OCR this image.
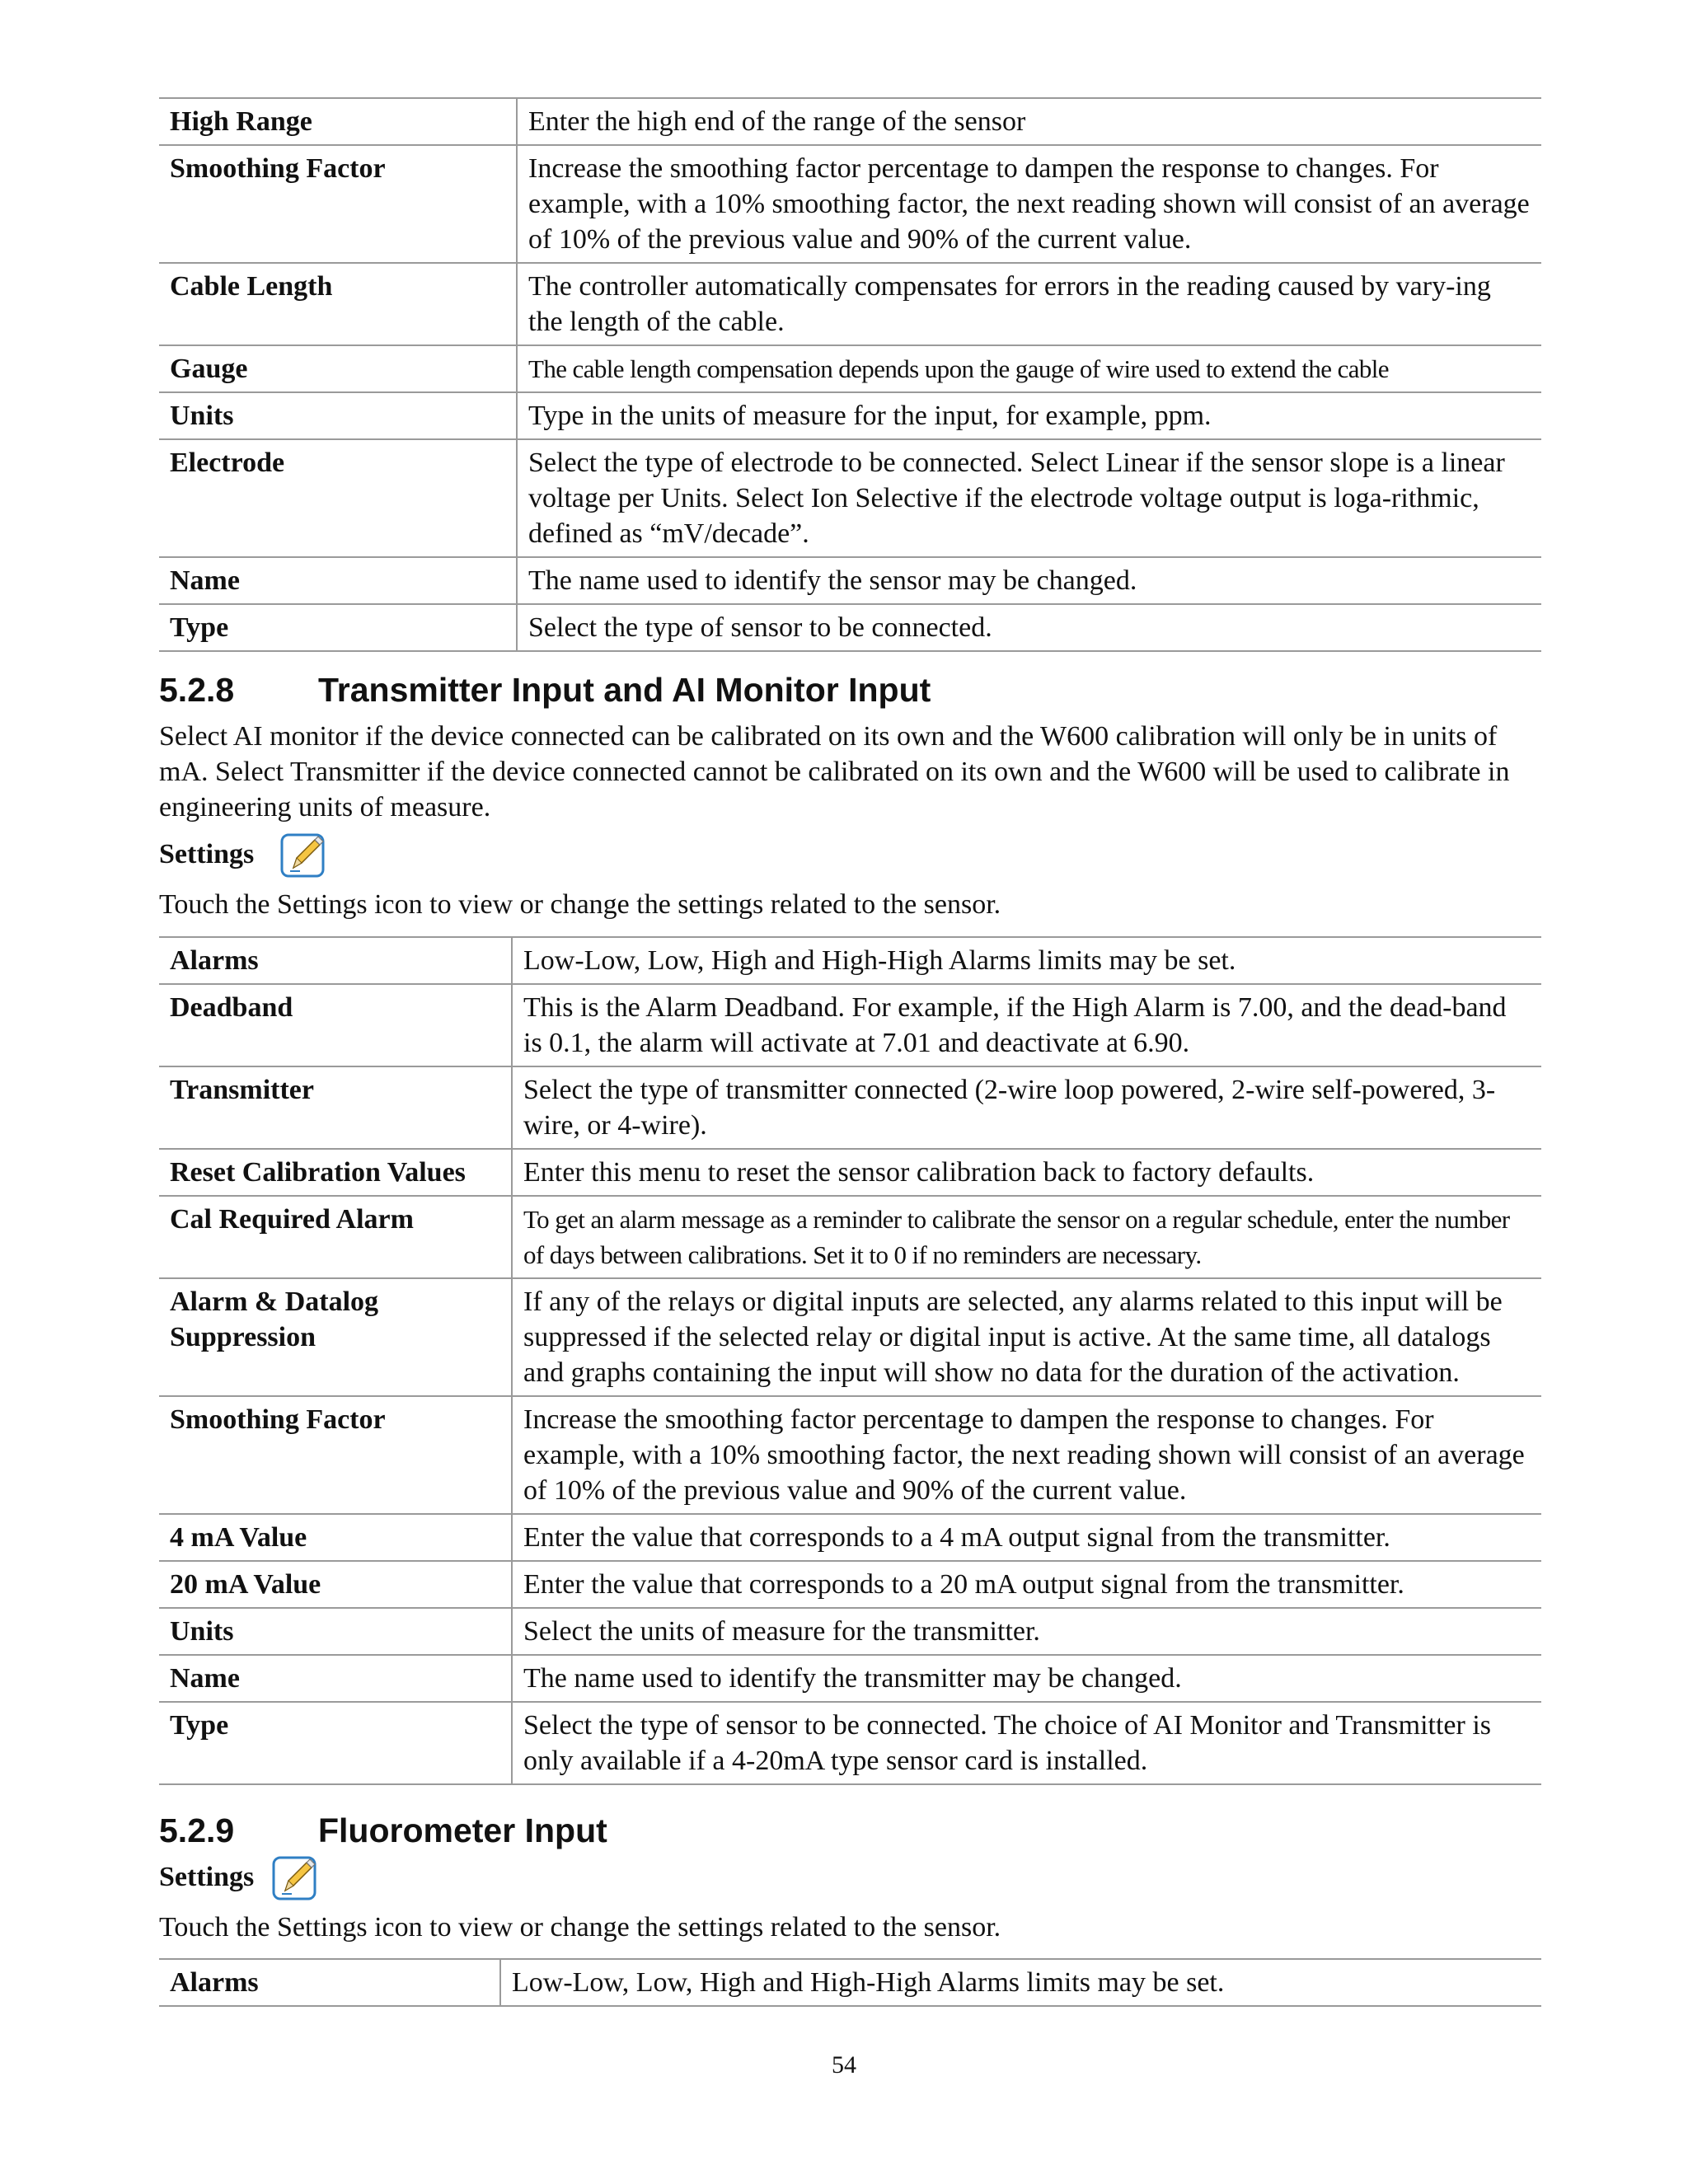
High Range	Enter the high end of the range of the sensor
Smoothing Factor	Increase the smoothing factor percentage to dampen the response to changes. For example, with a 10% smoothing factor, the next reading shown will consist of an average of 10% of the previous value and 90% of the current value.
Cable Length	The controller automatically compensates for errors in the reading caused by vary-ing the length of the cable.
Gauge	The cable length compensation depends upon the gauge of wire used to extend the cable
Units	Type in the units of measure for the input, for example, ppm.
Electrode	Select the type of electrode to be connected. Select Linear if the sensor slope is a linear voltage per Units. Select Ion Selective if the electrode voltage output is loga-rithmic, defined as “mV/decade”.
Name	The name used to identify the sensor may be changed.
Type	Select the type of sensor to be connected.
5.2.8 Transmitter Input and AI Monitor Input

Select AI monitor if the device connected can be calibrated on its own and the W600 calibration will only be in units of mA. Select Transmitter if the device connected cannot be calibrated on its own and the W600 will be used to calibrate in engineering units of measure.

Settings

Touch the Settings icon to view or change the settings related to the sensor.

Alarms	Low-Low, Low, High and High-High Alarms limits may be set.
Deadband	This is the Alarm Deadband. For example, if the High Alarm is 7.00, and the dead-band is 0.1, the alarm will activate at 7.01 and deactivate at 6.90.
Transmitter	Select the type of transmitter connected (2-wire loop powered, 2-wire self-powered, 3-wire, or 4-wire).
Reset Calibration Values	Enter this menu to reset the sensor calibration back to factory defaults.
Cal Required Alarm	To get an alarm message as a reminder to calibrate the sensor on a regular schedule, enter the number of days between calibrations. Set it to 0 if no reminders are necessary.
Alarm & Datalog Suppression	If any of the relays or digital inputs are selected, any alarms related to this input will be suppressed if the selected relay or digital input is active. At the same time, all datalogs and graphs containing the input will show no data for the duration of the activation.
Smoothing Factor	Increase the smoothing factor percentage to dampen the response to changes. For example, with a 10% smoothing factor, the next reading shown will consist of an average of 10% of the previous value and 90% of the current value.
4 mA Value	Enter the value that corresponds to a 4 mA output signal from the transmitter.
20 mA Value	Enter the value that corresponds to a 20 mA output signal from the transmitter.
Units	Select the units of measure for the transmitter.
Name	The name used to identify the transmitter may be changed.
Type	Select the type of sensor to be connected. The choice of AI Monitor and Transmitter is only available if a 4-20mA type sensor card is installed.
5.2.9 Fluorometer Input
Settings

Touch the Settings icon to view or change the settings related to the sensor.

Alarms	Low-Low, Low, High and High-High Alarms limits may be set.
54
